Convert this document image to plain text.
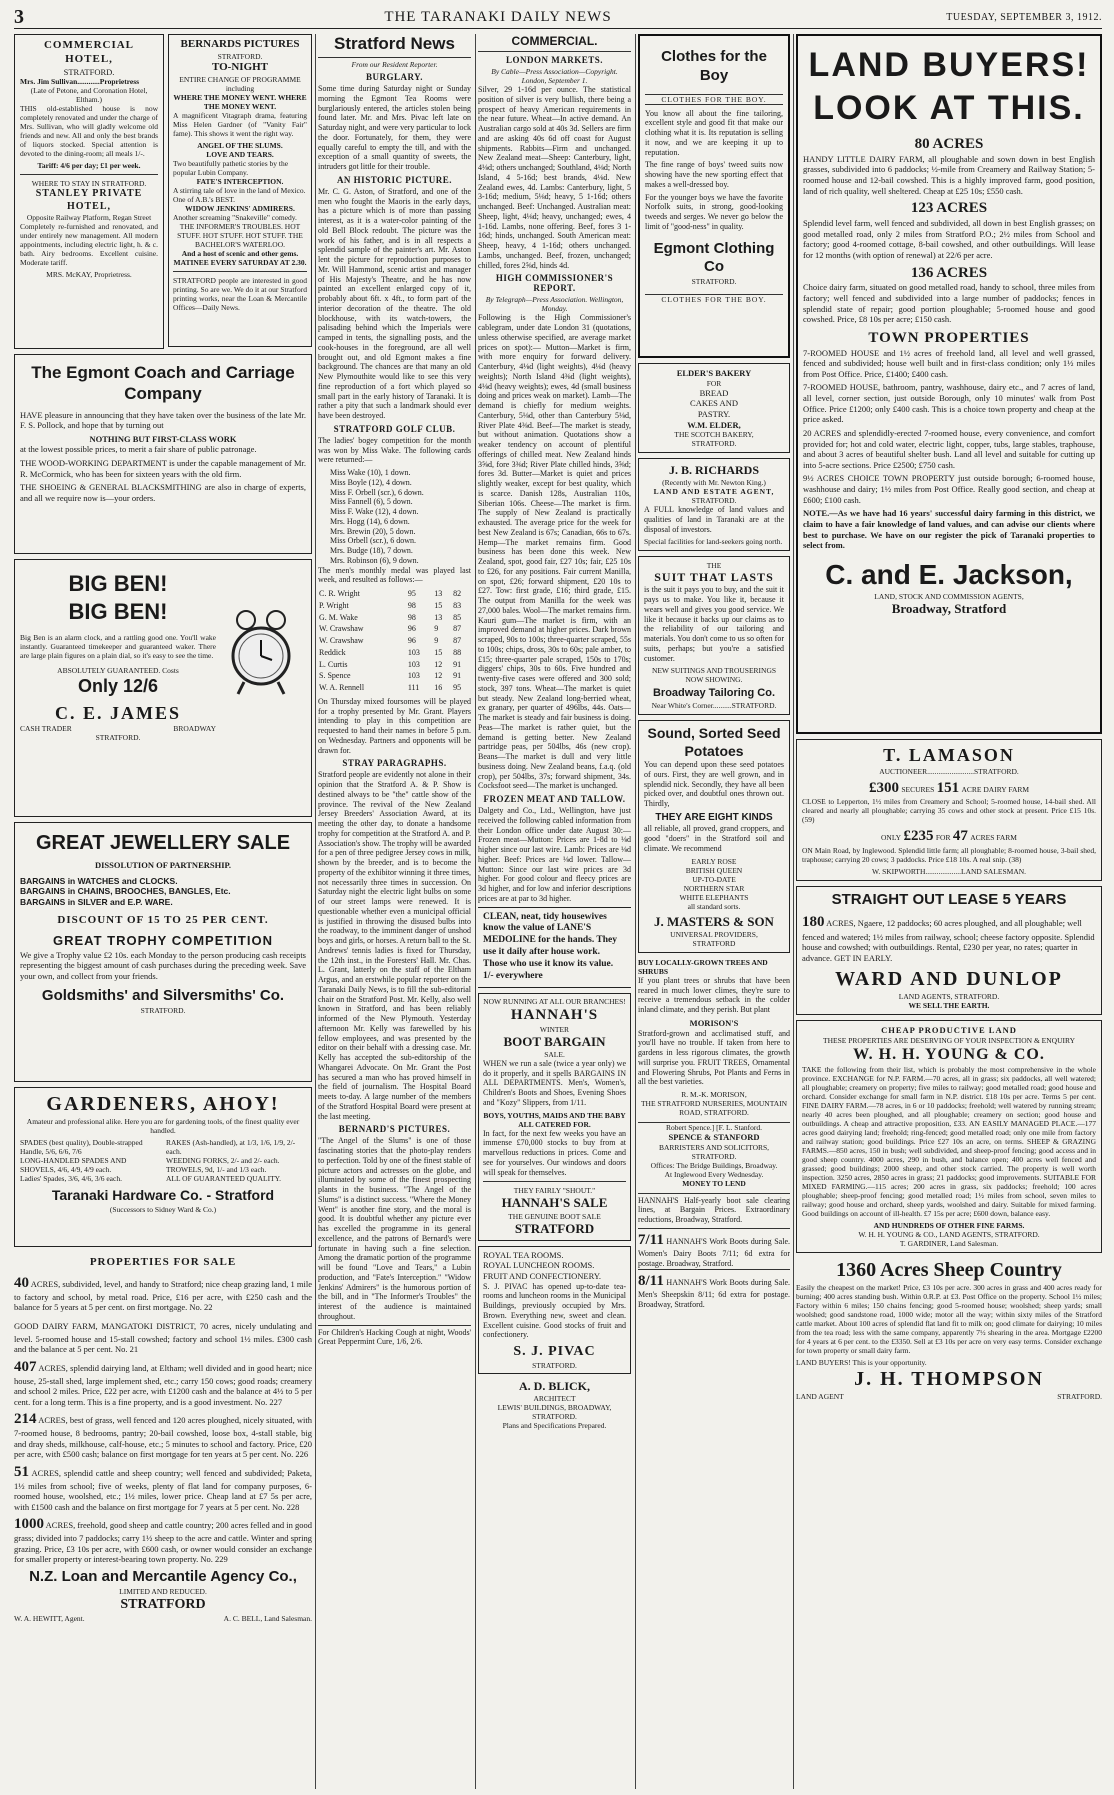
3	THE TARANAKI DAILY NEWS	TUESDAY, SEPTEMBER 3, 1912.
COMMERCIAL HOTEL,
STRATFORD.
Mrs. Jim Sullivan............Proprietress
(Late of Petone, and Coronation Hotel, Eltham.)

THIS old-established house is now completely renovated and under the charge of Mrs. Sullivan, who will gladly welcome old friends and new. All and only the best brands of liquors stocked. Special attention is devoted to the dining-room; all meals 1/-.

Tariff: 4/6 per day; £1 per week.
WHERE TO STAY IN STRATFORD.
STANLEY PRIVATE HOTEL,
Opposite Railway Platform, Regan Street

Completely re-furnished and renovated, and under entirely new management. All modern appointments, including electric light, h. & c. bath. Airy bedrooms. Excellent cuisine. Moderate tariff.

MRS. McKAY, Proprietress.
BERNARDS PICTURES
STRATFORD.
TO-NIGHT
ENTIRE CHANGE OF PROGRAMME including
WHERE THE MONEY WENT. WHERE THE MONEY WENT.

A magnificent Vitagraph drama, featuring Miss Helen Gardner (of "Vanity Fair" fame). This shows it went the right way.

ANGEL OF THE SLUMS.
LOVE AND TEARS.
Two beautifully pathetic stories by the popular Lubin Company.
FATE'S INTERCEPTION.
A stirring tale of love in the land of Mexico. One of A.B.'s BEST.
WIDOW JENKINS' ADMIRERS.
Another screaming "Snakeville" comedy.
THE INFORMER'S TROUBLES. HOT STUFF. HOT STUFF. HOT STUFF. THE BACHELOR'S WATERLOO.
And a host of scenic and other gems. MATINEE EVERY SATURDAY AT 2.30.

STRATFORD people are interested in good printing. So are we. We do it at our Stratford printing works, near the Loan & Mercantile Offices—Daily News.

The Egmont Coach and Carriage Company

HAVE pleasure in announcing that they have taken over the business of the late Mr. F. S. Pollock, and hope that by turning out

NOTHING BUT FIRST-CLASS WORK

at the lowest possible prices, to merit a fair share of public patronage.

THE WOOD-WORKING DEPARTMENT is under the capable management of Mr. R. McCormick, who has been for sixteen years with the old firm.

THE SHOEING & GENERAL BLACKSMITHING are also in charge of experts, and all we require now is—your orders.

BIG BEN!
BIG BEN!

Big Ben is an alarm clock, and a rattling good one. You'll wake instantly. Guaranteed timekeeper and guaranteed waker. There are large plain figures on a plain dial, so it's easy to see the time.

ABSOLUTELY GUARANTEED. Costs
Only 12/6
C. E. JAMES
CASH TRADER	BROADWAY
STRATFORD.
GREAT JEWELLERY SALE
DISSOLUTION OF PARTNERSHIP.
BARGAINS in WATCHES and CLOCKS.
BARGAINS in CHAINS, BROOCHES, BANGLES, Etc.
BARGAINS in SILVER and E.P. WARE.
DISCOUNT OF 15 TO 25 PER CENT.
GREAT TROPHY COMPETITION

We give a Trophy value £2 10s. each Monday to the person producing cash receipts representing the biggest amount of cash purchases during the preceding week. Save your own, and collect from your friends.

Goldsmiths' and Silversmiths' Co.
STRATFORD.
GARDENERS, AHOY!

Amateur and professional alike. Here you are for gardening tools, of the finest quality ever handled.

SPADES (best quality), Double-strapped Handle, 5/6, 6/6, 7/6
LONG-HANDLED SPADES AND SHOVELS, 4/6, 4/9, 4/9 each.
Ladies' Spades, 3/6, 4/6, 3/6 each.
RAKES (Ash-handled), at 1/3, 1/6, 1/9, 2/- each.
WEEDING FORKS, 2/- and 2/- each.
TROWELS, 9d, 1/- and 1/3 each.
ALL OF GUARANTEED QUALITY.
Taranaki Hardware Co. - Stratford
(Successors to Sidney Ward & Co.)
PROPERTIES FOR SALE
40 ACRES, subdivided, level, and handy to Stratford; nice cheap grazing land, 1 mile to factory and school, by metal road. Price, £16 per acre, with £250 cash and the balance for 5 years at 5 per cent. on first mortgage. No. 22
GOOD DAIRY FARM, MANGATOKI DISTRICT, 70 acres, nicely undulating and level. 5-roomed house and 15-stall cowshed; factory and school 1½ miles. £300 cash and the balance at 5 per cent. No. 21
407 ACRES, splendid dairying land, at Eltham; well divided and in good heart; nice house, 25-stall shed, large implement shed, etc.; carry 150 cows; good roads; creamery and school 2 miles. Price, £22 per acre, with £1200 cash and the balance at 4½ to 5 per cent. for a long term. This is a fine property, and is a good investment. No. 227
214 ACRES, best of grass, well fenced and 120 acres ploughed, nicely situated, with 7-roomed house, 8 bedrooms, pantry; 20-bail cowshed, loose box, 4-stall stable, big and dray sheds, milkhouse, calf-house, etc.; 5 minutes to school and factory. Price, £20 per acre, with £500 cash; balance on first mortgage for ten years at 5 per cent. No. 226
51 ACRES, splendid cattle and sheep country; well fenced and subdivided; Paketa, 1½ miles from school; five of weeks, plenty of flat land for company purposes, 6-roomed house, woolshed, etc.; 1½ miles, lower price. Cheap land at £7 5s per acre, with £1500 cash and the balance on first mortgage for 7 years at 5 per cent. No. 228
1000 ACRES, freehold, good sheep and cattle country; 200 acres felled and in good grass; divided into 7 paddocks; carry 1½ sheep to the acre and cattle. Winter and spring grazing. Price, £3 10s per acre, with £600 cash, or owner would consider an exchange for smaller property or interest-bearing town property. No. 229
N.Z. Loan and Mercantile Agency Co.,
LIMITED AND REDUCED.
STRATFORD
W. A. HEWITT, Agent.	A. C. BELL, Land Salesman.
Stratford News
From our Resident Reporter.
BURGLARY.

Some time during Saturday night or Sunday morning the Egmont Tea Rooms were burglariously entered, the articles stolen being found later. Mr. and Mrs. Pivac left late on Saturday night, and were very particular to lock the door. Fortunately, for them, they were equally careful to empty the till, and with the exception of a small quantity of sweets, the intruders got little for their trouble.

AN HISTORIC PICTURE.

Mr. C. G. Aston, of Stratford, and one of the men who fought the Maoris in the early days, has a picture which is of more than passing interest, as it is a water-color painting of the old Bell Block redoubt. The picture was the work of his father, and is in all respects a splendid sample of the painter's art. Mr. Aston lent the picture for reproduction purposes to Mr. Will Hammond, scenic artist and manager of His Majesty's Theatre, and he has now painted an excellent enlarged copy of it, probably about 6ft. x 4ft., to form part of the interior decoration of the theatre. The old blockhouse, with its watch-towers, the palisading behind which the Imperials were camped in tents, the signalling posts, and the cook-houses in the foreground, are all well brought out, and old Egmont makes a fine background. The chances are that many an old New Plymouthite would like to see this very fine reproduction of a fort which played so small part in the early history of Taranaki. It is rather a pity that such a landmark should ever have been destroyed.

STRATFORD GOLF CLUB.

The ladies' bogey competition for the month was won by Miss Wake. The following cards were returned:—

Miss Wake (10), 1 down.
Miss Boyle (12), 4 down.
Miss F. Orbell (scr.), 6 down.
Miss Fannell (6), 5 down.
Miss F. Wake (12), 4 down.
Mrs. Hogg (14), 6 down.
Mrs. Brewin (20), 5 down.
Miss Orbell (scr.), 6 down.
Mrs. Budge (18), 7 down.
Mrs. Robinson (6), 9 down.

The men's monthly medal was played last week, and resulted as follows:—

C. R. Wright	95	13	82
P. Wright	98	15	83
G. M. Wake	98	13	85
W. Crawshaw	96	9	87
W. Crawshaw	96	9	87
Reddick	103	15	88
L. Curtis	103	12	91
S. Spence	103	12	91
W. A. Rennell	111	16	95

On Thursday mixed foursomes will be played for a trophy presented by Mr. Grant. Players intending to play in this competition are requested to hand their names in before 5 p.m. on Wednesday. Partners and opponents will be drawn for.

STRAY PARAGRAPHS.

Stratford people are evidently not alone in their opinion that the Stratford A. & P. Show is destined always to be "the" cattle show of the province. The revival of the New Zealand Jersey Breeders' Association Award, at its meeting the other day, to donate a handsome trophy for competition at the Stratford A. and P. Association's show. The trophy will be awarded for a pen of three pedigree Jersey cows in milk, shown by the breeder, and is to become the property of the exhibitor winning it three times, not necessarily three times in succession. On Saturday night the electric light bulbs on some of our street lamps were renewed. It is questionable whether even a municipal official is justified in throwing the disused bulbs into the roadway, to the imminent danger of unshod boys and girls, or horses. A return ball to the St. Andrews' tennis ladies is fixed for Thursday, the 12th inst., in the Foresters' Hall. Mr. Chas. L. Grant, latterly on the staff of the Eltham Argus, and an erstwhile popular reporter on the Taranaki Daily News, is to fill the sub-editorial chair on the Stratford Post. Mr. Kelly, also well known in Stratford, and has been reliably informed of the New Plymouth. Yesterday afternoon Mr. Kelly was farewelled by his fellow employees, and was presented by the editor on their behalf with a dressing case. Mr. Kelly has accepted the sub-editorship of the Whangarei Advocate. On Mr. Grant the Post has secured a man who has proved himself in the field of journalism. The Hospital Board meets to-day. A large number of the members of the Stratford Hospital Board were present at the last meeting.

BERNARD'S PICTURES.

"The Angel of the Slums" is one of those fascinating stories that the photo-play renders to perfection. Told by one of the finest stable of picture actors and actresses on the globe, and illuminated by some of the finest prospecting plants in the business. "The Angel of the Slums" is a distinct success. "Where the Money Went" is another fine story, and the moral is good. It is doubtful whether any picture ever has excelled the programme in its general excellence, and the patrons of Bernard's were fortunate in having such a fine selection. Among the dramatic portion of the programme will be found "Love and Tears," a Lubin production, and "Fate's Interception." "Widow Jenkins' Admirers" is the humorous portion of the bill, and in "The Informer's Troubles" the interest of the audience is maintained throughout.

For Children's Hacking Cough at night, Woods' Great Peppermint Cure, 1/6, 2/6.

COMMERCIAL.
LONDON MARKETS.
By Cable—Press Association—Copyright. London, September 1.

Silver, 29 1-16d per ounce. The statistical position of silver is very bullish, there being a prospect of heavy American requirements in the near future. Wheat—In active demand. An Australian cargo sold at 40s 3d. Sellers are firm and are asking 40s 6d off coast for August shipments. Rabbits—Firm and unchanged. New Zealand meat—Sheep: Canterbury, light, 4⅛d; others unchanged; Southland, 4⅛d; North Island, 4 5-16d; best brands, 4⅛d. New Zealand ewes, 4d. Lambs: Canterbury, light, 5 3-16d; medium, 5⅛d; heavy, 5 1-16d; others unchanged. Beef: Unchanged. Australian meat: Sheep, light, 4⅛d; heavy, unchanged; ewes, 4 1-16d. Lambs, none offering. Beef, fores 3 1-16d; hinds, unchanged. South American meat: Sheep, heavy, 4 1-16d; others unchanged. Lambs, unchanged. Beef, frozen, unchanged; chilled, fores 2⅝d, hinds 4d.

HIGH COMMISSIONER'S REPORT.
By Telegraph—Press Association. Wellington, Monday.

Following is the High Commissioner's cablegram, under date London 31 (quotations, unless otherwise specified, are average market prices on spot):— Mutton—Market is firm, with more enquiry for forward delivery. Canterbury, 4⅛d (light weights), 4⅛d (heavy weights); North Island 4⅜d (light weights), 4⅛d (heavy weights); ewes, 4d (small business doing and prices weak on market). Lamb—The demand is chiefly for medium weights. Canterbury, 5⅛d, other than Canterbury 5⅛d, River Plate 4⅜d. Beef—The market is steady, but without animation. Quotations show a weaker tendency on account of plentiful offerings of chilled meat. New Zealand hinds 3⅝d, fore 3⅜d; River Plate chilled hinds, 3⅝d; fores 3d. Butter—Market is quiet and prices slightly weaker, except for best quality, which is scarce. Danish 128s, Australian 110s, Siberian 106s. Cheese—The market is firm. The supply of New Zealand is practically exhausted. The average price for the week for best New Zealand is 67s; Canadian, 66s to 67s. Hemp—The market remains firm. Good business has been done this week. New Zealand, spot, good fair, £27 10s; fair, £25 10s to £26, for any positions. Fair current Manilla, on spot, £26; forward shipment, £20 10s to £27. Tow: first grade, £16; third grade, £15. The output from Manilla for the week was 27,000 bales. Wool—The market remains firm. Kauri gum—The market is firm, with an improved demand at higher prices. Dark brown scraped, 90s to 100s; three-quarter scraped, 55s to 100s; chips, dross, 30s to 60s; pale amber, to £15; three-quarter pale scraped, 150s to 170s; diggers' chips, 30s to 60s. Five hundred and twenty-five cases were offered and 300 sold; stock, 397 tons. Wheat—The market is quiet but steady. New Zealand long-berried wheat, ex granary, per quarter of 496lbs, 44s. Oats—The market is steady and fair business is doing. Peas—The market is rather quiet, but the demand is getting better. New Zealand partridge peas, per 504lbs, 46s (new crop). Beans—The market is dull and very little business doing. New Zealand beans, f.a.q. (old crop), per 504lbs, 37s; forward shipment, 34s. Cocksfoot seed—The market is unchanged.

FROZEN MEAT AND TALLOW.

Dalgety and Co., Ltd., Wellington, have just received the following cabled information from their London office under date August 30:— Frozen meat—Mutton: Prices are 1-8d to ⅛d higher since our last wire. Lamb: Prices are ⅛d higher. Beef: Prices are ⅛d lower. Tallow—Mutton: Since our last wire prices are 3d higher. For good colour and fleecy prices are 3d higher, and for low and inferior descriptions prices are at par to 3d higher.

CLEAN, neat, tidy housewives know the value of LANE'S MEDOLINE for the hands. They use it daily after house work. Those who use it know its value. 1/- everywhere
NOW RUNNING AT ALL OUR BRANCHES!
HANNAH'S
WINTER
BOOT BARGAIN
SALE.

WHEN we run a sale (twice a year only) we do it properly, and it spells BARGAINS IN ALL DEPARTMENTS. Men's, Women's, Children's Boots and Shoes, Evening Shoes and "Kozy" Slippers, from 1/11.

BOYS, YOUTHS, MAIDS AND THE BABY ALL CATERED FOR.

In fact, for the next few weeks you have an immense £70,000 stocks to buy from at marvellous reductions in prices. Come and see for yourselves. Our windows and doors will speak for themselves.

THEY FAIRLY "SHOUT."
HANNAH'S SALE
THE GENUINE BOOT SALE
STRATFORD
ROYAL TEA ROOMS.
ROYAL LUNCHEON ROOMS.
FRUIT AND CONFECTIONERY.

S. J. PIVAC has opened up-to-date tea-rooms and luncheon rooms in the Municipal Buildings, previously occupied by Mrs. Brown. Everything new, sweet and clean. Excellent cuisine. Good stocks of fruit and confectionery.

S. J. PIVAC
STRATFORD.
A. D. BLICK,
ARCHITECT
LEWIS' BUILDINGS, BROADWAY, STRATFORD.
Plans and Specifications Prepared.
Clothes for the Boy
CLOTHES FOR THE BOY.

You know all about the fine tailoring, excellent style and good fit that make our clothing what it is. Its reputation is selling it now, and we are keeping it up to reputation.

The fine range of boys' tweed suits now showing have the new sporting effect that makes a well-dressed boy.

For the younger boys we have the favorite Norfolk suits, in strong, good-looking tweeds and serges. We never go below the limit of "good-ness" in quality.

Egmont Clothing Co
STRATFORD.
CLOTHES FOR THE BOY.
ELDER'S BAKERY
FOR
BREAD
CAKES AND
PASTRY.
W.M. ELDER,
THE SCOTCH BAKERY,
STRATFORD.
J. B. RICHARDS
(Recently with Mr. Newton King.)
LAND AND ESTATE AGENT,
STRATFORD.

A FULL knowledge of land values and qualities of land in Taranaki are at the disposal of investors.

Special facilities for land-seekers going north.
THE
SUIT THAT LASTS

is the suit it pays you to buy, and the suit it pays us to make. You like it, because it wears well and gives you good service. We like it because it backs up our claims as to the reliability of our tailoring and materials. You don't come to us so often for suits, perhaps; but you're a satisfied customer.

NEW SUITINGS AND TROUSERINGS NOW SHOWING.
Broadway Tailoring Co.
Near White's Corner..........STRATFORD.
Sound, Sorted Seed Potatoes

You can depend upon these seed potatoes of ours. First, they are well grown, and in splendid nick. Secondly, they have all been picked over, and doubtful ones thrown out. Thirdly,

THEY ARE EIGHT KINDS

all reliable, all proved, grand croppers, and good "doers" in the Stratford soil and climate. We recommend

EARLY ROSE
BRITISH QUEEN
UP-TO-DATE
NORTHERN STAR
WHITE ELEPHANTS
all standard sorts.
J. MASTERS & SON
UNIVERSAL PROVIDERS,
STRATFORD
BUY LOCALLY-GROWN TREES AND SHRUBS

If you plant trees or shrubs that have been reared in much lower climes, they're sure to receive a tremendous setback in the colder inland climate, and they perish. But plant

MORISON'S

Stratford-grown and acclimatised stuff, and you'll have no trouble. If taken from here to gardens in less rigorous climates, the growth will surprise you. FRUIT TREES, Ornamental and Flowering Shrubs, Pot Plants and Ferns in all the best varieties.

R. M.-K. MORISON,
THE STRATFORD NURSERIES, MOUNTAIN ROAD, STRATFORD.
Robert Spence.] [F. L. Stanford.
SPENCE & STANFORD
BARRISTERS AND SOLICITORS, STRATFORD.
Offices: The Bridge Buildings, Broadway.
At Inglewood Every Wednesday.
MONEY TO LEND

HANNAH'S Half-yearly boot sale clearing lines, at Bargain Prices. Extraordinary reductions, Broadway, Stratford.

7/11 HANNAH'S Work Boots during Sale. Women's Dairy Boots 7/11; 6d extra for postage. Broadway, Stratford.
8/11 HANNAH'S Work Boots during Sale. Men's Sheepskin 8/11; 6d extra for postage. Broadway, Stratford.
LAND BUYERS!
LOOK AT THIS.
80 ACRES

HANDY LITTLE DAIRY FARM, all ploughable and sown down in best English grasses, subdivided into 6 paddocks; ½-mile from Creamery and Railway Station; 5-roomed house and 12-bail cowshed. This is a highly improved farm, good position, land of rich quality, well sheltered. Cheap at £25 10s; £550 cash.

123 ACRES

Splendid level farm, well fenced and subdivided, all down in best English grasses; on good metalled road, only 2 miles from Stratford P.O.; 2½ miles from School and factory; good 4-roomed cottage, 8-bail cowshed, and other outbuildings. Will lease for 12 months (with option of renewal) at 22/6 per acre.

136 ACRES

Choice dairy farm, situated on good metalled road, handy to school, three miles from factory; well fenced and subdivided into a large number of paddocks; fences in splendid state of repair; good portion ploughable; 5-roomed house and good cowshed. Price, £8 10s per acre; £150 cash.

TOWN PROPERTIES

7-ROOMED HOUSE and 1½ acres of freehold land, all level and well grassed, fenced and subdivided; house well built and in first-class condition; only 1½ miles from Post Office. Price, £1400; £400 cash.

7-ROOMED HOUSE, bathroom, pantry, washhouse, dairy etc., and 7 acres of land, all level, corner section, just outside Borough, only 10 minutes' walk from Post Office. Price £1200; only £400 cash. This is a choice town property and cheap at the price asked.

20 ACRES and splendidly-erected 7-roomed house, every convenience, and comfort provided for; hot and cold water, electric light, copper, tubs, large stables, traphouse, and about 3 acres of beautiful shelter bush. Land all level and suitable for cutting up into 5-acre sections. Price £2500; £750 cash.

9½ ACRES CHOICE TOWN PROPERTY just outside borough; 6-roomed house, washhouse and dairy; 1½ miles from Post Office. Really good section, and cheap at £600; £100 cash.

NOTE.—As we have had 16 years' successful dairy farming in this district, we claim to have a fair knowledge of land values, and can advise our clients where best to purchase. We have on our register the pick of Taranaki properties to select from.

C. and E. Jackson,
LAND, STOCK AND COMMISSION AGENTS,
Broadway, Stratford
T. LAMASON
AUCTIONEER.........................STRATFORD.
£300 SECURES 151 ACRE DAIRY FARM

CLOSE to Lepperton, 1½ miles from Creamery and School; 5-roomed house, 14-bail shed. All cleared and nearly all ploughable; carrying 35 cows and other stock at present. Price £15 10s. (59)

ONLY £235 FOR 47 ACRES FARM

ON Main Road, by Inglewood. Splendid little farm; all ploughable; 8-roomed house, 3-bail shed, traphouse; carrying 20 cows; 3 paddocks. Price £18 10s. A real snip. (38)

W. SKIPWORTH...................LAND SALESMAN.
STRAIGHT OUT LEASE 5 YEARS
180 ACRES, Ngaere, 12 paddocks; 60 acres ploughed, and all ploughable; well fenced and watered; 1½ miles from railway, school; cheese factory opposite. Splendid house and cowshed; with outbuildings. Rental, £230 per year, no rates; quarter in advance. GET IN EARLY.
WARD AND DUNLOP
LAND AGENTS, STRATFORD.
WE SELL THE EARTH.
CHEAP PRODUCTIVE LAND
THESE PROPERTIES ARE DESERVING OF YOUR INSPECTION & ENQUIRY
W. H. H. YOUNG & CO.

TAKE the following from their list, which is probably the most comprehensive in the whole province. EXCHANGE for N.P. FARM.—70 acres, all in grass; six paddocks, all well watered; all ploughable; creamery on property; five miles to railway; good metalled road; good house and orchard. Consider exchange for small farm in N.P. district. £18 10s per acre. Terms 5 per cent. FINE DAIRY FARM.—78 acres, in 6 or 10 paddocks; freehold; well watered by running stream; nearly 40 acres been ploughed, and all ploughable; creamery on section; good house and outbuildings. A cheap and attractive proposition, £33. AN EASILY MANAGED PLACE.—177 acres good dairying land; freehold; ring-fenced; good metalled road; only one mile from factory and railway station; good buildings. Price £27 10s an acre, on terms. SHEEP & GRAZING FARMS.—850 acres, 150 in bush; well subdivided, and sheep-proof fencing; good access and in good sheep country. 4000 acres, 290 in bush, and balance open; 400 acres well fenced and grassed; good buildings; 2000 sheep, and other stock carried. The property is well worth inspection. 3250 acres, 2850 acres in grass; 21 paddocks; good improvements. SUITABLE FOR MIXED FARMING.—115 acres; 200 acres in grass, six paddocks; freehold; 100 acres ploughable; sheep-proof fencing; good metalled road; 1½ miles from school, seven miles to railway; good house and orchard, sheep yards, woolshed and dairy. Suitable for mixed farming. Good buildings on account of ill-health. £7 15s per acre; £600 down, balance easy.

AND HUNDREDS OF OTHER FINE FARMS.
W. H. H. YOUNG & CO., LAND AGENTS, STRATFORD.
T. GARDINER, Land Salesman.
1360 Acres Sheep Country

Easily the cheapest on the market! Price, £3 10s per acre. 300 acres in grass and 400 acres ready for burning; 400 acres standing bush. Within 0.R.P. at £3. Post Office on the property. School 1½ miles; Factory within 6 miles; 150 chains fencing; good 5-roomed house; woolshed; sheep yards; small woolshed; good sandstone road, 1000 wide; motor all the way; within sixty miles of the Stratford cattle market. About 100 acres of splendid flat land fit to milk on; good climate for dairying; 10 miles from the tea road; less with the same company, apparently 7½ shearing in the area. Mortgage £2200 for 4 years at 6 per cent. to the £3350. Sell at £3 10s per acre on very easy terms. Consider exchange for town property or small dairy farm.

LAND BUYERS! This is your opportunity.
J. H. THOMPSON
LAND AGENT	STRATFORD.
